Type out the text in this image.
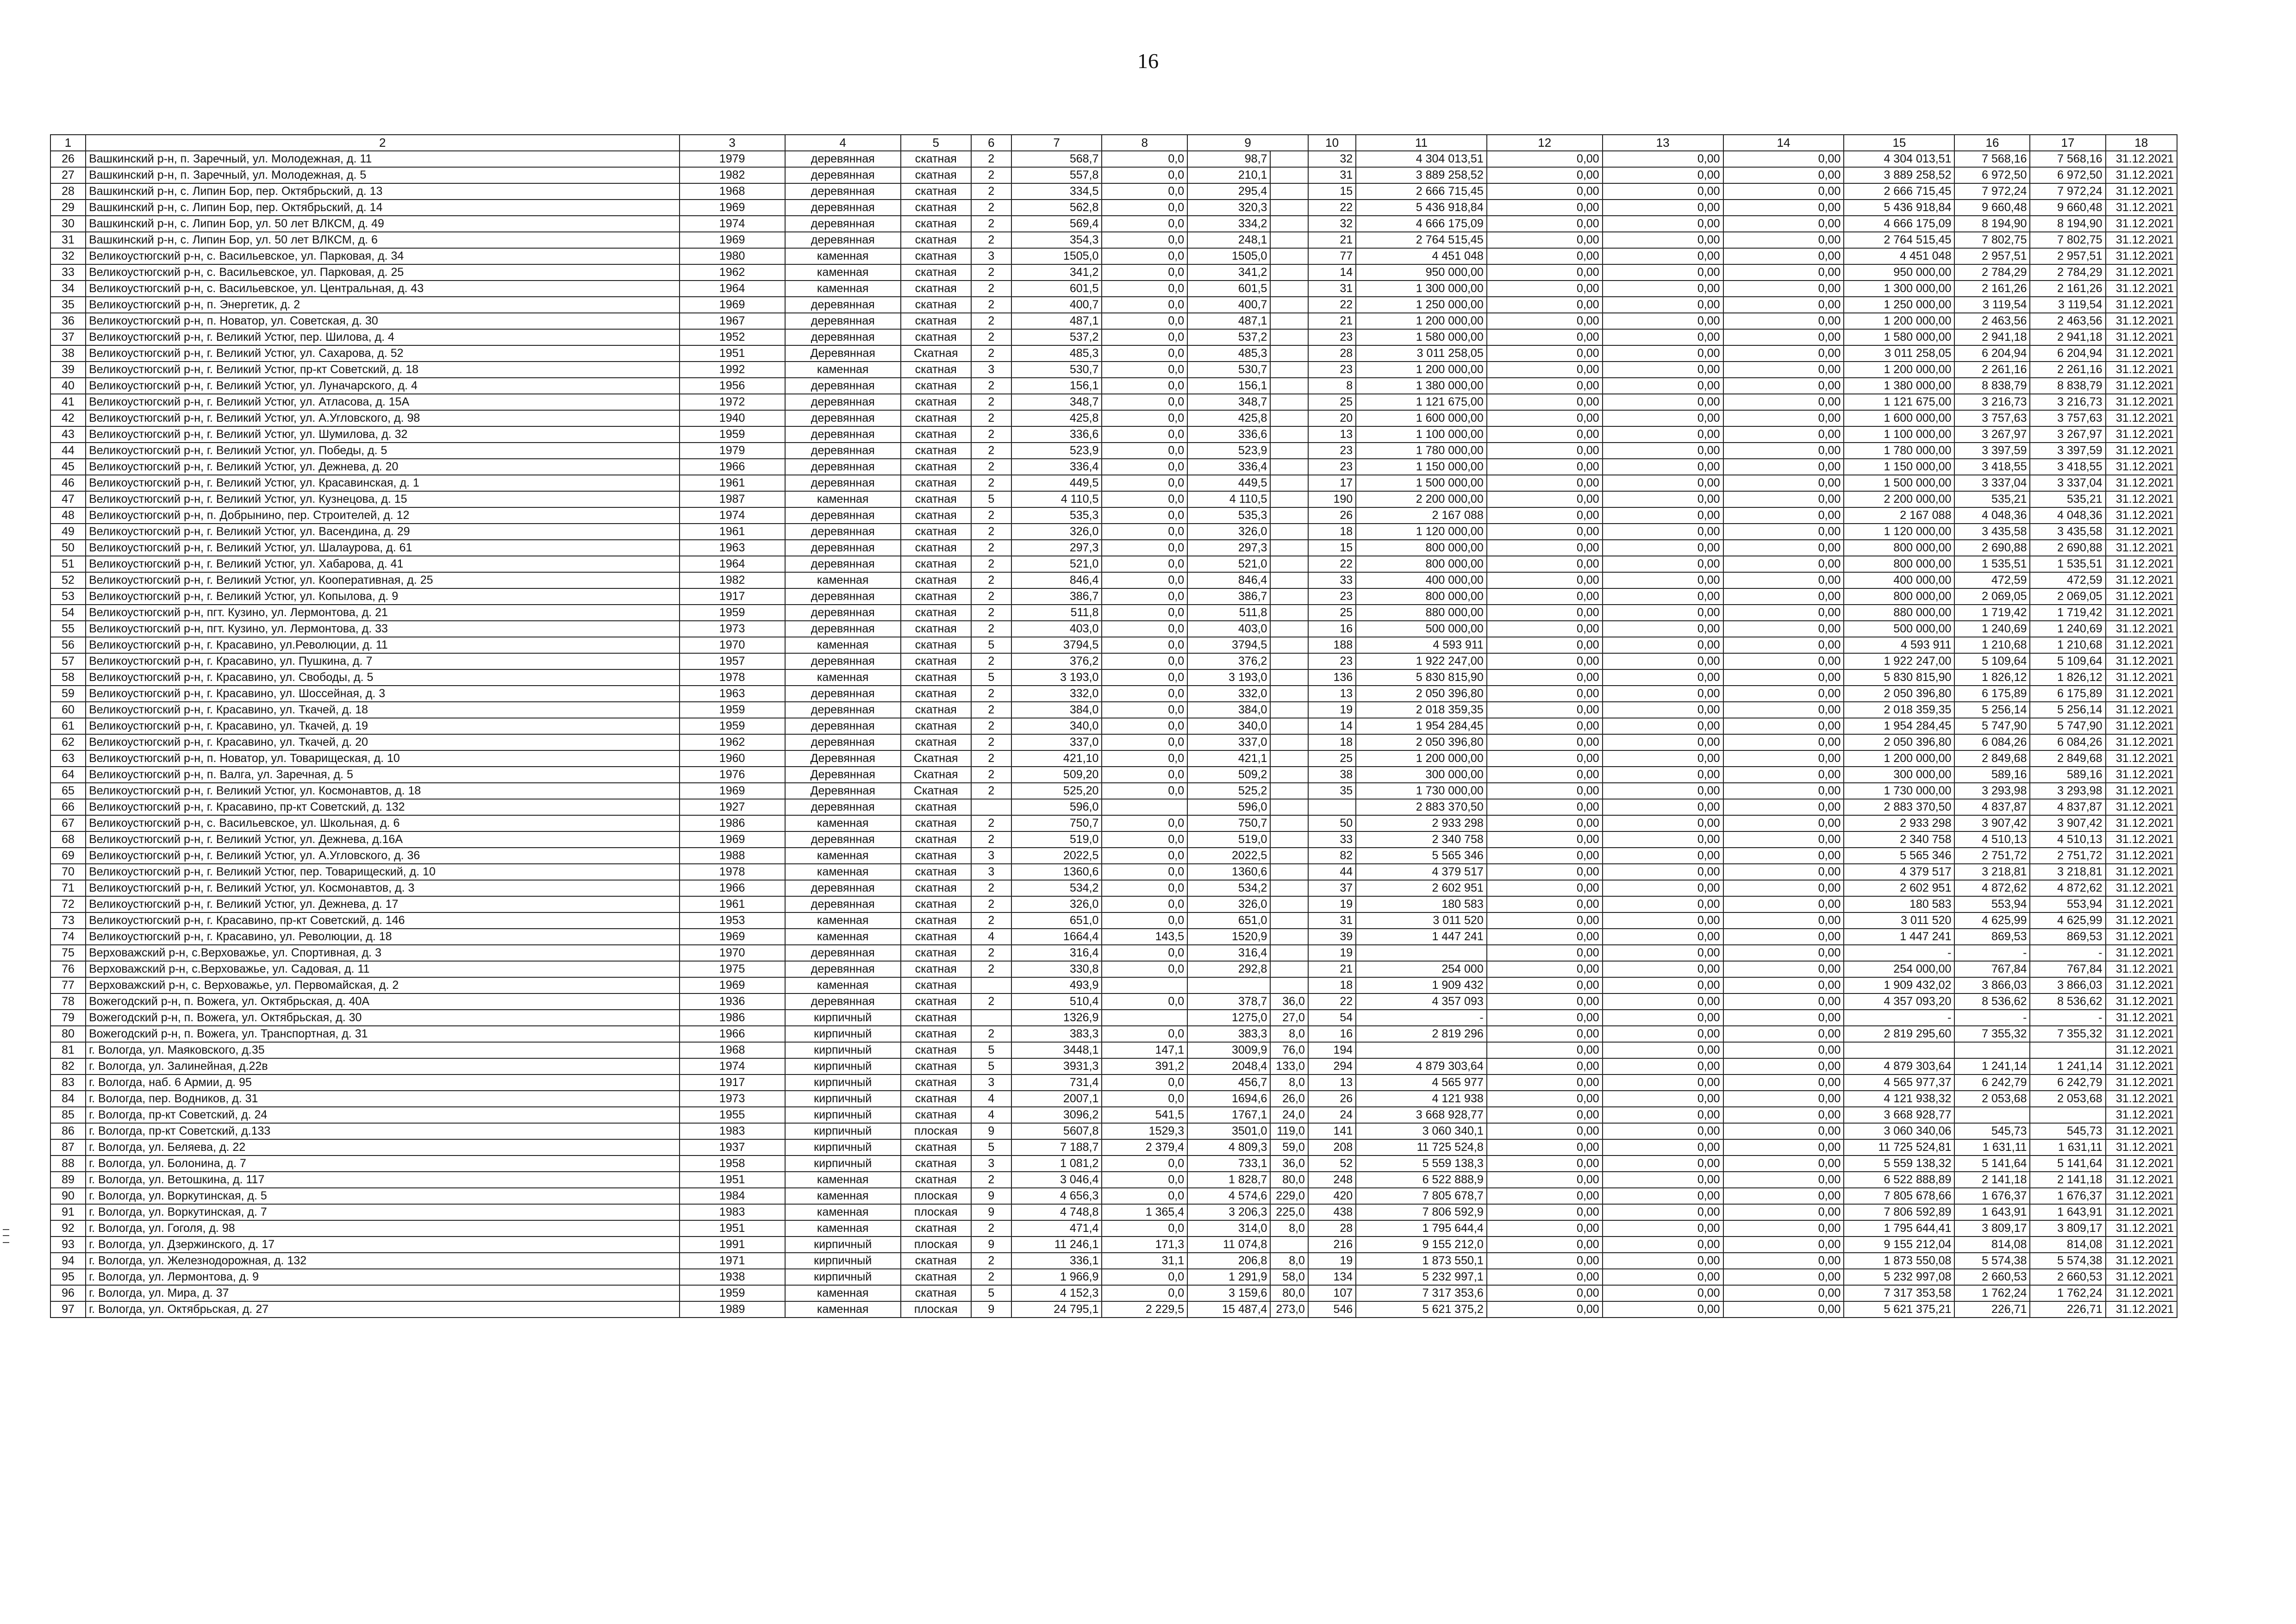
16
1	2	3	4	5	6	7	8	9		10	11	12	13	14	15	16	17	18
26	Вашкинский р-н, п. Заречный, ул. Молодежная, д. 11	1979	деревянная	скатная	2	568,7	0,0	98,7		32	4 304 013,51	0,00	0,00	0,00	4 304 013,51	7 568,16	7 568,16	31.12.2021
27	Вашкинский р-н, п. Заречный, ул. Молодежная, д. 5	1982	деревянная	скатная	2	557,8	0,0	210,1		31	3 889 258,52	0,00	0,00	0,00	3 889 258,52	6 972,50	6 972,50	31.12.2021
28	Вашкинский р-н, с. Липин Бор, пер. Октябрьский, д. 13	1968	деревянная	скатная	2	334,5	0,0	295,4		15	2 666 715,45	0,00	0,00	0,00	2 666 715,45	7 972,24	7 972,24	31.12.2021
29	Вашкинский р-н, с. Липин Бор, пер. Октябрьский, д. 14	1969	деревянная	скатная	2	562,8	0,0	320,3		22	5 436 918,84	0,00	0,00	0,00	5 436 918,84	9 660,48	9 660,48	31.12.2021
30	Вашкинский р-н, с. Липин Бор, ул. 50 лет ВЛКСМ, д. 49	1974	деревянная	скатная	2	569,4	0,0	334,2		32	4 666 175,09	0,00	0,00	0,00	4 666 175,09	8 194,90	8 194,90	31.12.2021
31	Вашкинский р-н, с. Липин Бор, ул. 50 лет ВЛКСМ, д. 6	1969	деревянная	скатная	2	354,3	0,0	248,1		21	2 764 515,45	0,00	0,00	0,00	2 764 515,45	7 802,75	7 802,75	31.12.2021
32	Великоустюгский р-н, с. Васильевское, ул. Парковая, д. 34	1980	каменная	скатная	3	1505,0	0,0	1505,0		77	4 451 048	0,00	0,00	0,00	4 451 048	2 957,51	2 957,51	31.12.2021
33	Великоустюгский р-н, с. Васильевское, ул. Парковая, д. 25	1962	каменная	скатная	2	341,2	0,0	341,2		14	950 000,00	0,00	0,00	0,00	950 000,00	2 784,29	2 784,29	31.12.2021
34	Великоустюгский р-н, с. Васильевское, ул. Центральная, д. 43	1964	каменная	скатная	2	601,5	0,0	601,5		31	1 300 000,00	0,00	0,00	0,00	1 300 000,00	2 161,26	2 161,26	31.12.2021
35	Великоустюгский р-н, п. Энергетик, д. 2	1969	деревянная	скатная	2	400,7	0,0	400,7		22	1 250 000,00	0,00	0,00	0,00	1 250 000,00	3 119,54	3 119,54	31.12.2021
36	Великоустюгский р-н, п. Новатор, ул. Советская, д. 30	1967	деревянная	скатная	2	487,1	0,0	487,1		21	1 200 000,00	0,00	0,00	0,00	1 200 000,00	2 463,56	2 463,56	31.12.2021
37	Великоустюгский р-н, г. Великий Устюг, пер. Шилова, д. 4	1952	деревянная	скатная	2	537,2	0,0	537,2		23	1 580 000,00	0,00	0,00	0,00	1 580 000,00	2 941,18	2 941,18	31.12.2021
38	Великоустюгский р-н, г. Великий Устюг, ул. Сахарова, д. 52	1951	Деревянная	Скатная	2	485,3	0,0	485,3		28	3 011 258,05	0,00	0,00	0,00	3 011 258,05	6 204,94	6 204,94	31.12.2021
39	Великоустюгский р-н, г. Великий Устюг, пр-кт Советский, д. 18	1992	каменная	скатная	3	530,7	0,0	530,7		23	1 200 000,00	0,00	0,00	0,00	1 200 000,00	2 261,16	2 261,16	31.12.2021
40	Великоустюгский р-н, г. Великий Устюг, ул. Луначарского, д. 4	1956	деревянная	скатная	2	156,1	0,0	156,1		8	1 380 000,00	0,00	0,00	0,00	1 380 000,00	8 838,79	8 838,79	31.12.2021
41	Великоустюгский р-н, г. Великий Устюг, ул. Атласова, д. 15А	1972	деревянная	скатная	2	348,7	0,0	348,7		25	1 121 675,00	0,00	0,00	0,00	1 121 675,00	3 216,73	3 216,73	31.12.2021
42	Великоустюгский р-н, г. Великий Устюг, ул. А.Угловского, д. 98	1940	деревянная	скатная	2	425,8	0,0	425,8		20	1 600 000,00	0,00	0,00	0,00	1 600 000,00	3 757,63	3 757,63	31.12.2021
43	Великоустюгский р-н, г. Великий Устюг, ул. Шумилова, д. 32	1959	деревянная	скатная	2	336,6	0,0	336,6		13	1 100 000,00	0,00	0,00	0,00	1 100 000,00	3 267,97	3 267,97	31.12.2021
44	Великоустюгский р-н, г. Великий Устюг, ул. Победы, д. 5	1979	деревянная	скатная	2	523,9	0,0	523,9		23	1 780 000,00	0,00	0,00	0,00	1 780 000,00	3 397,59	3 397,59	31.12.2021
45	Великоустюгский р-н, г. Великий Устюг, ул. Дежнева, д. 20	1966	деревянная	скатная	2	336,4	0,0	336,4		23	1 150 000,00	0,00	0,00	0,00	1 150 000,00	3 418,55	3 418,55	31.12.2021
46	Великоустюгский р-н, г. Великий Устюг, ул. Красавинская, д. 1	1961	деревянная	скатная	2	449,5	0,0	449,5		17	1 500 000,00	0,00	0,00	0,00	1 500 000,00	3 337,04	3 337,04	31.12.2021
47	Великоустюгский р-н, г. Великий Устюг, ул. Кузнецова, д. 15	1987	каменная	скатная	5	4 110,5	0,0	4 110,5		190	2 200 000,00	0,00	0,00	0,00	2 200 000,00	535,21	535,21	31.12.2021
48	Великоустюгский р-н, п. Добрынино, пер. Строителей, д. 12	1974	деревянная	скатная	2	535,3	0,0	535,3		26	2 167 088	0,00	0,00	0,00	2 167 088	4 048,36	4 048,36	31.12.2021
49	Великоустюгский р-н, г. Великий Устюг, ул. Васендина, д. 29	1961	деревянная	скатная	2	326,0	0,0	326,0		18	1 120 000,00	0,00	0,00	0,00	1 120 000,00	3 435,58	3 435,58	31.12.2021
50	Великоустюгский р-н, г. Великий Устюг, ул. Шалаурова, д. 61	1963	деревянная	скатная	2	297,3	0,0	297,3		15	800 000,00	0,00	0,00	0,00	800 000,00	2 690,88	2 690,88	31.12.2021
51	Великоустюгский р-н, г. Великий Устюг, ул. Хабарова, д. 41	1964	деревянная	скатная	2	521,0	0,0	521,0		22	800 000,00	0,00	0,00	0,00	800 000,00	1 535,51	1 535,51	31.12.2021
52	Великоустюгский р-н, г. Великий Устюг, ул. Кооперативная, д. 25	1982	каменная	скатная	2	846,4	0,0	846,4		33	400 000,00	0,00	0,00	0,00	400 000,00	472,59	472,59	31.12.2021
53	Великоустюгский р-н, г. Великий Устюг, ул. Копылова, д. 9	1917	деревянная	скатная	2	386,7	0,0	386,7		23	800 000,00	0,00	0,00	0,00	800 000,00	2 069,05	2 069,05	31.12.2021
54	Великоустюгский р-н, пгт. Кузино, ул. Лермонтова, д. 21	1959	деревянная	скатная	2	511,8	0,0	511,8		25	880 000,00	0,00	0,00	0,00	880 000,00	1 719,42	1 719,42	31.12.2021
55	Великоустюгский р-н, пгт. Кузино, ул. Лермонтова, д. 33	1973	деревянная	скатная	2	403,0	0,0	403,0		16	500 000,00	0,00	0,00	0,00	500 000,00	1 240,69	1 240,69	31.12.2021
56	Великоустюгский р-н, г. Красавино, ул.Революции, д. 11	1970	каменная	скатная	5	3794,5	0,0	3794,5		188	4 593 911	0,00	0,00	0,00	4 593 911	1 210,68	1 210,68	31.12.2021
57	Великоустюгский р-н, г. Красавино, ул. Пушкина, д. 7	1957	деревянная	скатная	2	376,2	0,0	376,2		23	1 922 247,00	0,00	0,00	0,00	1 922 247,00	5 109,64	5 109,64	31.12.2021
58	Великоустюгский р-н, г. Красавино, ул. Свободы, д. 5	1978	каменная	скатная	5	3 193,0	0,0	3 193,0		136	5 830 815,90	0,00	0,00	0,00	5 830 815,90	1 826,12	1 826,12	31.12.2021
59	Великоустюгский р-н, г. Красавино, ул. Шоссейная, д. 3	1963	деревянная	скатная	2	332,0	0,0	332,0		13	2 050 396,80	0,00	0,00	0,00	2 050 396,80	6 175,89	6 175,89	31.12.2021
60	Великоустюгский р-н, г. Красавино, ул. Ткачей, д. 18	1959	деревянная	скатная	2	384,0	0,0	384,0		19	2 018 359,35	0,00	0,00	0,00	2 018 359,35	5 256,14	5 256,14	31.12.2021
61	Великоустюгский р-н, г. Красавино, ул. Ткачей, д. 19	1959	деревянная	скатная	2	340,0	0,0	340,0		14	1 954 284,45	0,00	0,00	0,00	1 954 284,45	5 747,90	5 747,90	31.12.2021
62	Великоустюгский р-н, г. Красавино, ул. Ткачей, д. 20	1962	деревянная	скатная	2	337,0	0,0	337,0		18	2 050 396,80	0,00	0,00	0,00	2 050 396,80	6 084,26	6 084,26	31.12.2021
63	Великоустюгский р-н, п. Новатор, ул. Товарищеская, д. 10	1960	Деревянная	Скатная	2	421,10	0,0	421,1		25	1 200 000,00	0,00	0,00	0,00	1 200 000,00	2 849,68	2 849,68	31.12.2021
64	Великоустюгский р-н, п. Валга, ул. Заречная, д. 5	1976	Деревянная	Скатная	2	509,20	0,0	509,2		38	300 000,00	0,00	0,00	0,00	300 000,00	589,16	589,16	31.12.2021
65	Великоустюгский р-н, г. Великий Устюг, ул. Космонавтов, д. 18	1969	Деревянная	Скатная	2	525,20	0,0	525,2		35	1 730 000,00	0,00	0,00	0,00	1 730 000,00	3 293,98	3 293,98	31.12.2021
66	Великоустюгский р-н, г. Красавино, пр-кт Советский, д. 132	1927	деревянная	скатная		596,0		596,0			2 883 370,50	0,00	0,00	0,00	2 883 370,50	4 837,87	4 837,87	31.12.2021
67	Великоустюгский р-н, с. Васильевское, ул. Школьная, д. 6	1986	каменная	скатная	2	750,7	0,0	750,7		50	2 933 298	0,00	0,00	0,00	2 933 298	3 907,42	3 907,42	31.12.2021
68	Великоустюгский р-н, г. Великий Устюг, ул. Дежнева, д.16А	1969	деревянная	скатная	2	519,0	0,0	519,0		33	2 340 758	0,00	0,00	0,00	2 340 758	4 510,13	4 510,13	31.12.2021
69	Великоустюгский р-н, г. Великий Устюг, ул. А.Угловского, д. 36	1988	каменная	скатная	3	2022,5	0,0	2022,5		82	5 565 346	0,00	0,00	0,00	5 565 346	2 751,72	2 751,72	31.12.2021
70	Великоустюгский р-н, г. Великий Устюг, пер. Товарищеский, д. 10	1978	каменная	скатная	3	1360,6	0,0	1360,6		44	4 379 517	0,00	0,00	0,00	4 379 517	3 218,81	3 218,81	31.12.2021
71	Великоустюгский р-н, г. Великий Устюг, ул. Космонавтов, д. 3	1966	деревянная	скатная	2	534,2	0,0	534,2		37	2 602 951	0,00	0,00	0,00	2 602 951	4 872,62	4 872,62	31.12.2021
72	Великоустюгский р-н, г. Великий Устюг, ул. Дежнева, д. 17	1961	деревянная	скатная	2	326,0	0,0	326,0		19	180 583	0,00	0,00	0,00	180 583	553,94	553,94	31.12.2021
73	Великоустюгский р-н, г. Красавино, пр-кт Советский, д. 146	1953	каменная	скатная	2	651,0	0,0	651,0		31	3 011 520	0,00	0,00	0,00	3 011 520	4 625,99	4 625,99	31.12.2021
74	Великоустюгский р-н, г. Красавино, ул. Революции, д. 18	1969	каменная	скатная	4	1664,4	143,5	1520,9		39	1 447 241	0,00	0,00	0,00	1 447 241	869,53	869,53	31.12.2021
75	Верховажский р-н, с.Верховажье, ул. Спортивная, д. 3	1970	деревянная	скатная	2	316,4	0,0	316,4		19		0,00	0,00	0,00	-	-	-	31.12.2021
76	Верховажский р-н, с.Верховажье, ул. Садовая, д. 11	1975	деревянная	скатная	2	330,8	0,0	292,8		21	254 000	0,00	0,00	0,00	254 000,00	767,84	767,84	31.12.2021
77	Верховажский р-н, с. Верховажье, ул. Первомайская, д. 2	1969	каменная	скатная		493,9				18	1 909 432	0,00	0,00	0,00	1 909 432,02	3 866,03	3 866,03	31.12.2021
78	Вожегодский р-н, п. Вожега, ул. Октябрьская, д. 40А	1936	деревянная	скатная	2	510,4	0,0	378,7	36,0	22	4 357 093	0,00	0,00	0,00	4 357 093,20	8 536,62	8 536,62	31.12.2021
79	Вожегодский р-н, п. Вожега, ул. Октябрьская, д. 30	1986	кирпичный	скатная		1326,9		1275,0	27,0	54	-	0,00	0,00	0,00	-	-	-	31.12.2021
80	Вожегодский р-н, п. Вожега, ул. Транспортная, д. 31	1966	кирпичный	скатная	2	383,3	0,0	383,3	8,0	16	2 819 296	0,00	0,00	0,00	2 819 295,60	7 355,32	7 355,32	31.12.2021
81	г. Вологда, ул. Маяковского, д.35	1968	кирпичный	скатная	5	3448,1	147,1	3009,9	76,0	194		0,00	0,00	0,00				31.12.2021
82	г. Вологда, ул. Залинейная, д.22в	1974	кирпичный	скатная	5	3931,3	391,2	2048,4	133,0	294	4 879 303,64	0,00	0,00	0,00	4 879 303,64	1 241,14	1 241,14	31.12.2021
83	г. Вологда, наб. 6 Армии, д. 95	1917	кирпичный	скатная	3	731,4	0,0	456,7	8,0	13	4 565 977	0,00	0,00	0,00	4 565 977,37	6 242,79	6 242,79	31.12.2021
84	г. Вологда, пер. Водников, д. 31	1973	кирпичный	скатная	4	2007,1	0,0	1694,6	26,0	26	4 121 938	0,00	0,00	0,00	4 121 938,32	2 053,68	2 053,68	31.12.2021
85	г. Вологда, пр-кт Советский, д. 24	1955	кирпичный	скатная	4	3096,2	541,5	1767,1	24,0	24	3 668 928,77	0,00	0,00	0,00	3 668 928,77			31.12.2021
86	г. Вологда, пр-кт Советский, д.133	1983	кирпичный	плоская	9	5607,8	1529,3	3501,0	119,0	141	3 060 340,1	0,00	0,00	0,00	3 060 340,06	545,73	545,73	31.12.2021
87	г. Вологда, ул. Беляева, д. 22	1937	кирпичный	скатная	5	7 188,7	2 379,4	4 809,3	59,0	208	11 725 524,8	0,00	0,00	0,00	11 725 524,81	1 631,11	1 631,11	31.12.2021
88	г. Вологда, ул. Болонина, д. 7	1958	кирпичный	скатная	3	1 081,2	0,0	733,1	36,0	52	5 559 138,3	0,00	0,00	0,00	5 559 138,32	5 141,64	5 141,64	31.12.2021
89	г. Вологда, ул. Ветошкина, д. 117	1951	каменная	скатная	2	3 046,4	0,0	1 828,7	80,0	248	6 522 888,9	0,00	0,00	0,00	6 522 888,89	2 141,18	2 141,18	31.12.2021
90	г. Вологда, ул. Воркутинская, д. 5	1984	каменная	плоская	9	4 656,3	0,0	4 574,6	229,0	420	7 805 678,7	0,00	0,00	0,00	7 805 678,66	1 676,37	1 676,37	31.12.2021
91	г. Вологда, ул. Воркутинская, д. 7	1983	каменная	плоская	9	4 748,8	1 365,4	3 206,3	225,0	438	7 806 592,9	0,00	0,00	0,00	7 806 592,89	1 643,91	1 643,91	31.12.2021
92	г. Вологда, ул. Гоголя, д. 98	1951	каменная	скатная	2	471,4	0,0	314,0	8,0	28	1 795 644,4	0,00	0,00	0,00	1 795 644,41	3 809,17	3 809,17	31.12.2021
93	г. Вологда, ул. Дзержинского, д. 17	1991	кирпичный	плоская	9	11 246,1	171,3	11 074,8		216	9 155 212,0	0,00	0,00	0,00	9 155 212,04	814,08	814,08	31.12.2021
94	г. Вологда, ул. Железнодорожная, д. 132	1971	кирпичный	скатная	2	336,1	31,1	206,8	8,0	19	1 873 550,1	0,00	0,00	0,00	1 873 550,08	5 574,38	5 574,38	31.12.2021
95	г. Вологда, ул. Лермонтова, д. 9	1938	кирпичный	скатная	2	1 966,9	0,0	1 291,9	58,0	134	5 232 997,1	0,00	0,00	0,00	5 232 997,08	2 660,53	2 660,53	31.12.2021
96	г. Вологда, ул. Мира, д. 37	1959	каменная	скатная	5	4 152,3	0,0	3 159,6	80,0	107	7 317 353,6	0,00	0,00	0,00	7 317 353,58	1 762,24	1 762,24	31.12.2021
97	г. Вологда, ул. Октябрьская, д. 27	1989	каменная	плоская	9	24 795,1	2 229,5	15 487,4	273,0	546	5 621 375,2	0,00	0,00	0,00	5 621 375,21	226,71	226,71	31.12.2021
